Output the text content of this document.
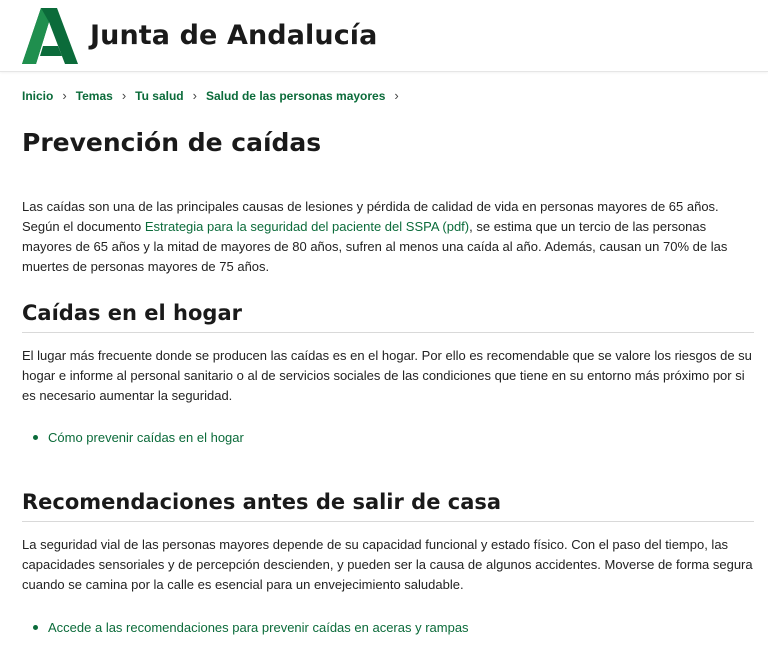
Junta de Andalucía
Inicio › Temas › Tu salud › Salud de las personas mayores ›
Prevención de caídas

Las caídas son una de las principales causas de lesiones y pérdida de calidad de vida en personas mayores de 65 años. Según el documento Estrategia para la seguridad del paciente del SSPA (pdf), se estima que un tercio de las personas mayores de 65 años y la mitad de mayores de 80 años, sufren al menos una caída al año. Además, causan un 70% de las muertes de personas mayores de 75 años.

Caídas en el hogar

El lugar más frecuente donde se producen las caídas es en el hogar. Por ello es recomendable que se valore los riesgos de su hogar e informe al personal sanitario o al de servicios sociales de las condiciones que tiene en su entorno más próximo por si es necesario aumentar la seguridad.

Cómo prevenir caídas en el hogar
Recomendaciones antes de salir de casa

La seguridad vial de las personas mayores depende de su capacidad funcional y estado físico. Con el paso del tiempo, las capacidades sensoriales y de percepción descienden, y pueden ser la causa de algunos accidentes. Moverse de forma segura cuando se camina por la calle es esencial para un envejecimiento saludable.

Accede a las recomendaciones para prevenir caídas en aceras y rampas
